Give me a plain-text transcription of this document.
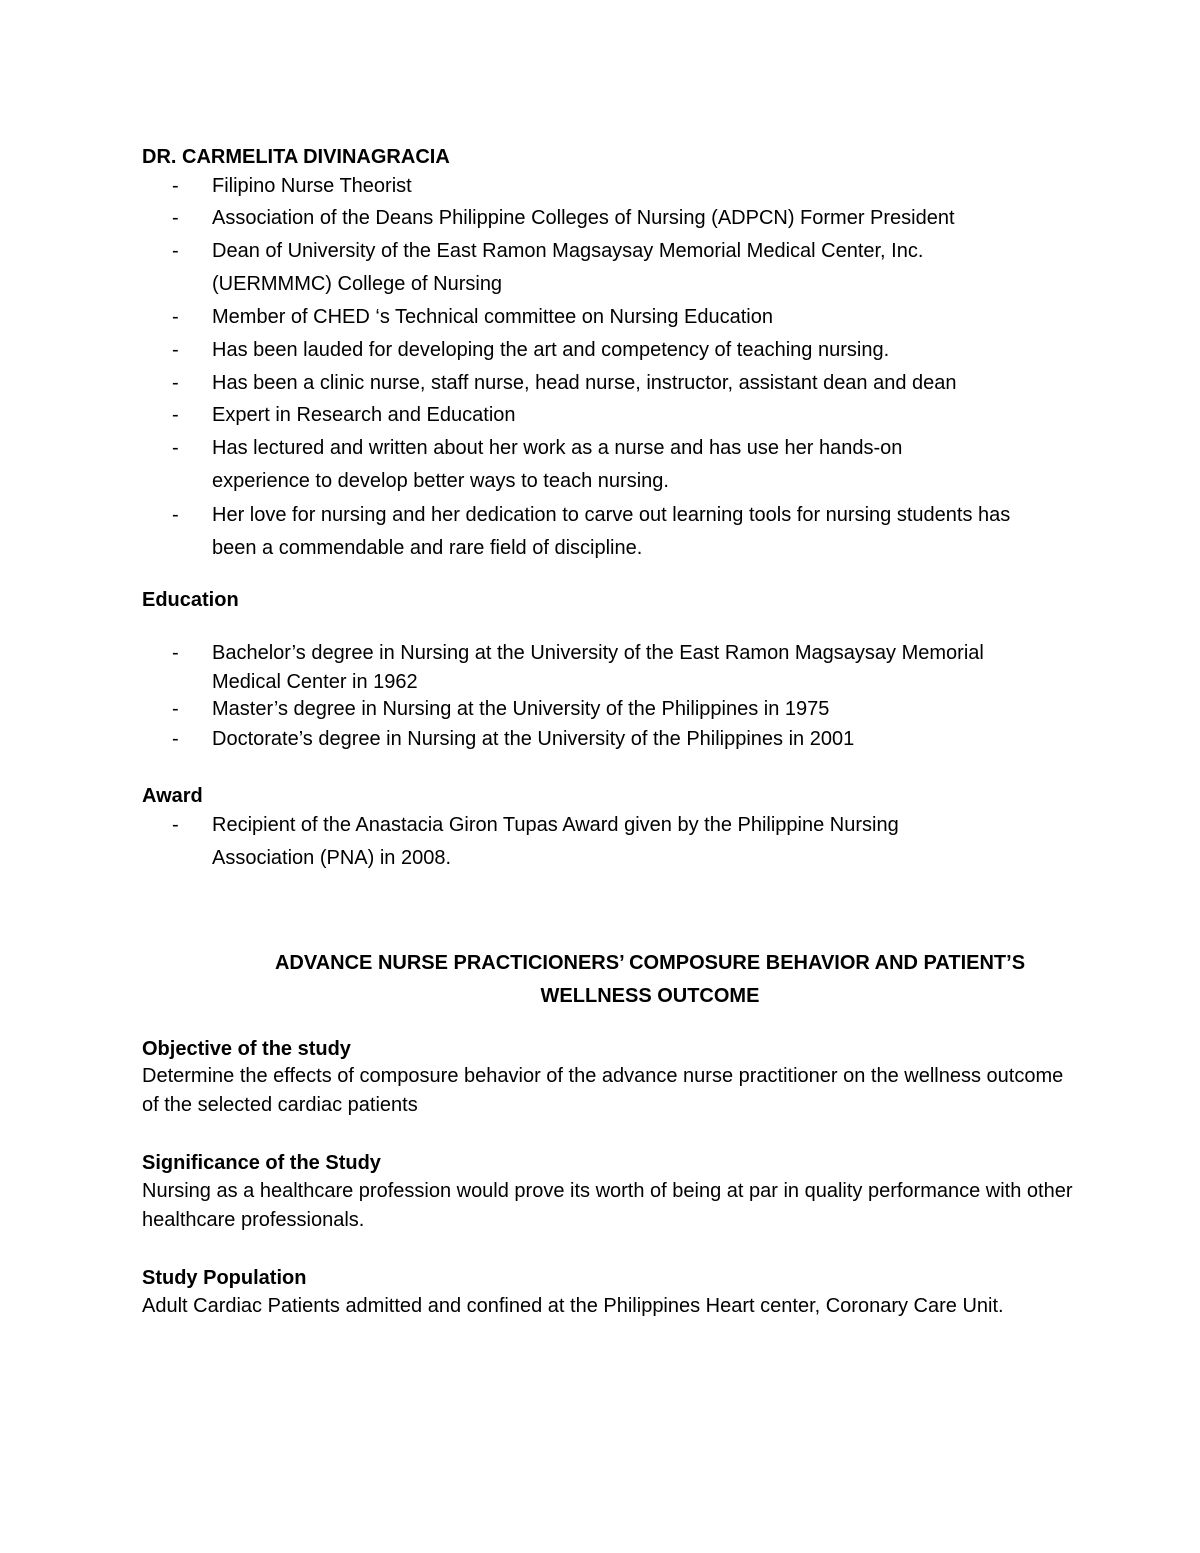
DR. CARMELITA DIVINAGRACIA
-	Filipino Nurse Theorist
-	Association of the Deans Philippine Colleges of Nursing (ADPCN) Former President
-	Dean of University of the East Ramon Magsaysay Memorial Medical Center, Inc. (UERMMMC) College of Nursing
-	Member of CHED ‘s Technical committee on Nursing Education
-	Has been lauded for developing the art and competency of teaching nursing.
-	Has been a clinic nurse, staff nurse, head nurse, instructor, assistant dean and dean
-	Expert in Research and Education
-	Has lectured and written about her work as a nurse and has use her hands-on experience to develop better ways to teach nursing.
-	Her love for nursing and her dedication to carve out learning tools for nursing students has been a commendable and rare field of discipline.
Education
-	Bachelor’s degree in Nursing at the University of the East Ramon Magsaysay Memorial Medical Center in 1962
-	Master’s degree in Nursing at the University of the Philippines in 1975
-	Doctorate’s degree in Nursing at the University of the Philippines in 2001
Award
-	Recipient of the Anastacia Giron Tupas Award given by the Philippine Nursing Association (PNA) in 2008.
ADVANCE NURSE PRACTICIONERS’ COMPOSURE BEHAVIOR AND PATIENT’S WELLNESS OUTCOME
Objective of the study

Determine the effects of composure behavior of the advance nurse practitioner on the wellness outcome of the selected cardiac patients

Significance of the Study

Nursing as a healthcare profession would prove its worth of being at par in quality performance with other healthcare professionals.

Study Population

Adult Cardiac Patients admitted and confined at the Philippines Heart center, Coronary Care Unit.
